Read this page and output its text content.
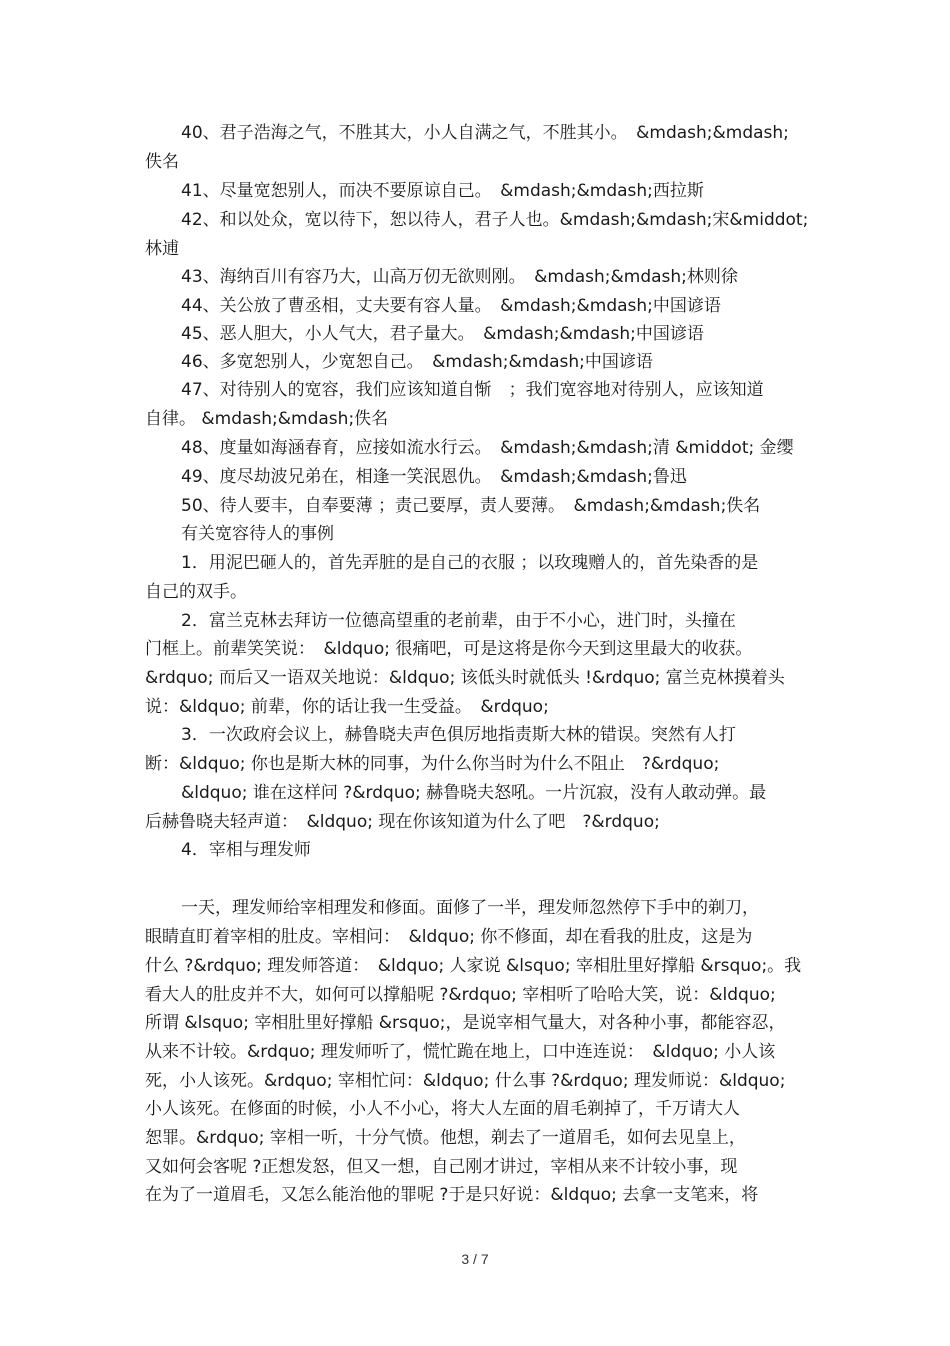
40、君子浩海之气，不胜其大，小人自满之气，不胜其小。　&mdash;&mdash;
佚名
41、尽量宽恕别人，而决不要原谅自己。　&mdash;&mdash;西拉斯
42、和以处众，宽以待下，恕以待人，君子人也。&mdash;&mdash;宋&middot;
林逋
43、海纳百川有容乃大，山高万仞无欲则刚。　&mdash;&mdash;林则徐
44、关公放了曹丞相，丈夫要有容人量。　&mdash;&mdash;中国谚语
45、恶人胆大，小人气大，君子量大。　&mdash;&mdash;中国谚语
46、多宽恕别人，少宽恕自己。　&mdash;&mdash;中国谚语
47、对待别人的宽容，我们应该知道自惭　；我们宽容地对待别人，应该知道
自律。 &mdash;&mdash;佚名
48、度量如海涵春育，应接如流水行云。　&mdash;&mdash;清 &middot; 金缨
49、度尽劫波兄弟在，相逢一笑泯恩仇。　&mdash;&mdash;鲁迅
50、待人要丰，自奉要薄 ；责己要厚，责人要薄。　&mdash;&mdash;佚名
有关宽容待人的事例
1．用泥巴砸人的，首先弄脏的是自己的衣服 ；以玫瑰赠人的，首先染香的是
自己的双手。
2．富兰克林去拜访一位德高望重的老前辈，由于不小心，进门时，头撞在
门框上。前辈笑笑说：　&ldquo; 很痛吧，可是这将是你今天到这里最大的收获。
&rdquo; 而后又一语双关地说：&ldquo; 该低头时就低头 !&rdquo; 富兰克林摸着头
说：&ldquo; 前辈，你的话让我一生受益。　&rdquo;
3．一次政府会议上，赫鲁晓夫声色俱厉地指责斯大林的错误。突然有人打
断：&ldquo; 你也是斯大林的同事，为什么你当时为什么不阻止　?&rdquo;
&ldquo; 谁在这样问 ?&rdquo; 赫鲁晓夫怒吼。一片沉寂，没有人敢动弹。最
后赫鲁晓夫轻声道：　&ldquo; 现在你该知道为什么了吧　?&rdquo;
4．宰相与理发师
一天，理发师给宰相理发和修面。面修了一半，理发师忽然停下手中的剃刀，
眼睛直盯着宰相的肚皮。宰相问：　&ldquo; 你不修面，却在看我的肚皮，这是为
什么 ?&rdquo; 理发师答道：　&ldquo; 人家说 &lsquo; 宰相肚里好撑船 &rsquo;。我
看大人的肚皮并不大，如何可以撑船呢 ?&rdquo; 宰相听了哈哈大笑，说：&ldquo;
所谓 &lsquo; 宰相肚里好撑船 &rsquo;，是说宰相气量大，对各种小事，都能容忍，
从来不计较。&rdquo; 理发师听了，慌忙跪在地上，口中连连说：　&ldquo; 小人该
死，小人该死。&rdquo; 宰相忙问：&ldquo; 什么事 ?&rdquo; 理发师说：&ldquo;
小人该死。在修面的时候，小人不小心，将大人左面的眉毛剃掉了，千万请大人
恕罪。&rdquo; 宰相一听，十分气愤。他想，剃去了一道眉毛，如何去见皇上，
又如何会客呢 ?正想发怒，但又一想，自己刚才讲过，宰相从来不计较小事，现
在为了一道眉毛，又怎么能治他的罪呢 ?于是只好说：&ldquo; 去拿一支笔来，将
3 / 7
